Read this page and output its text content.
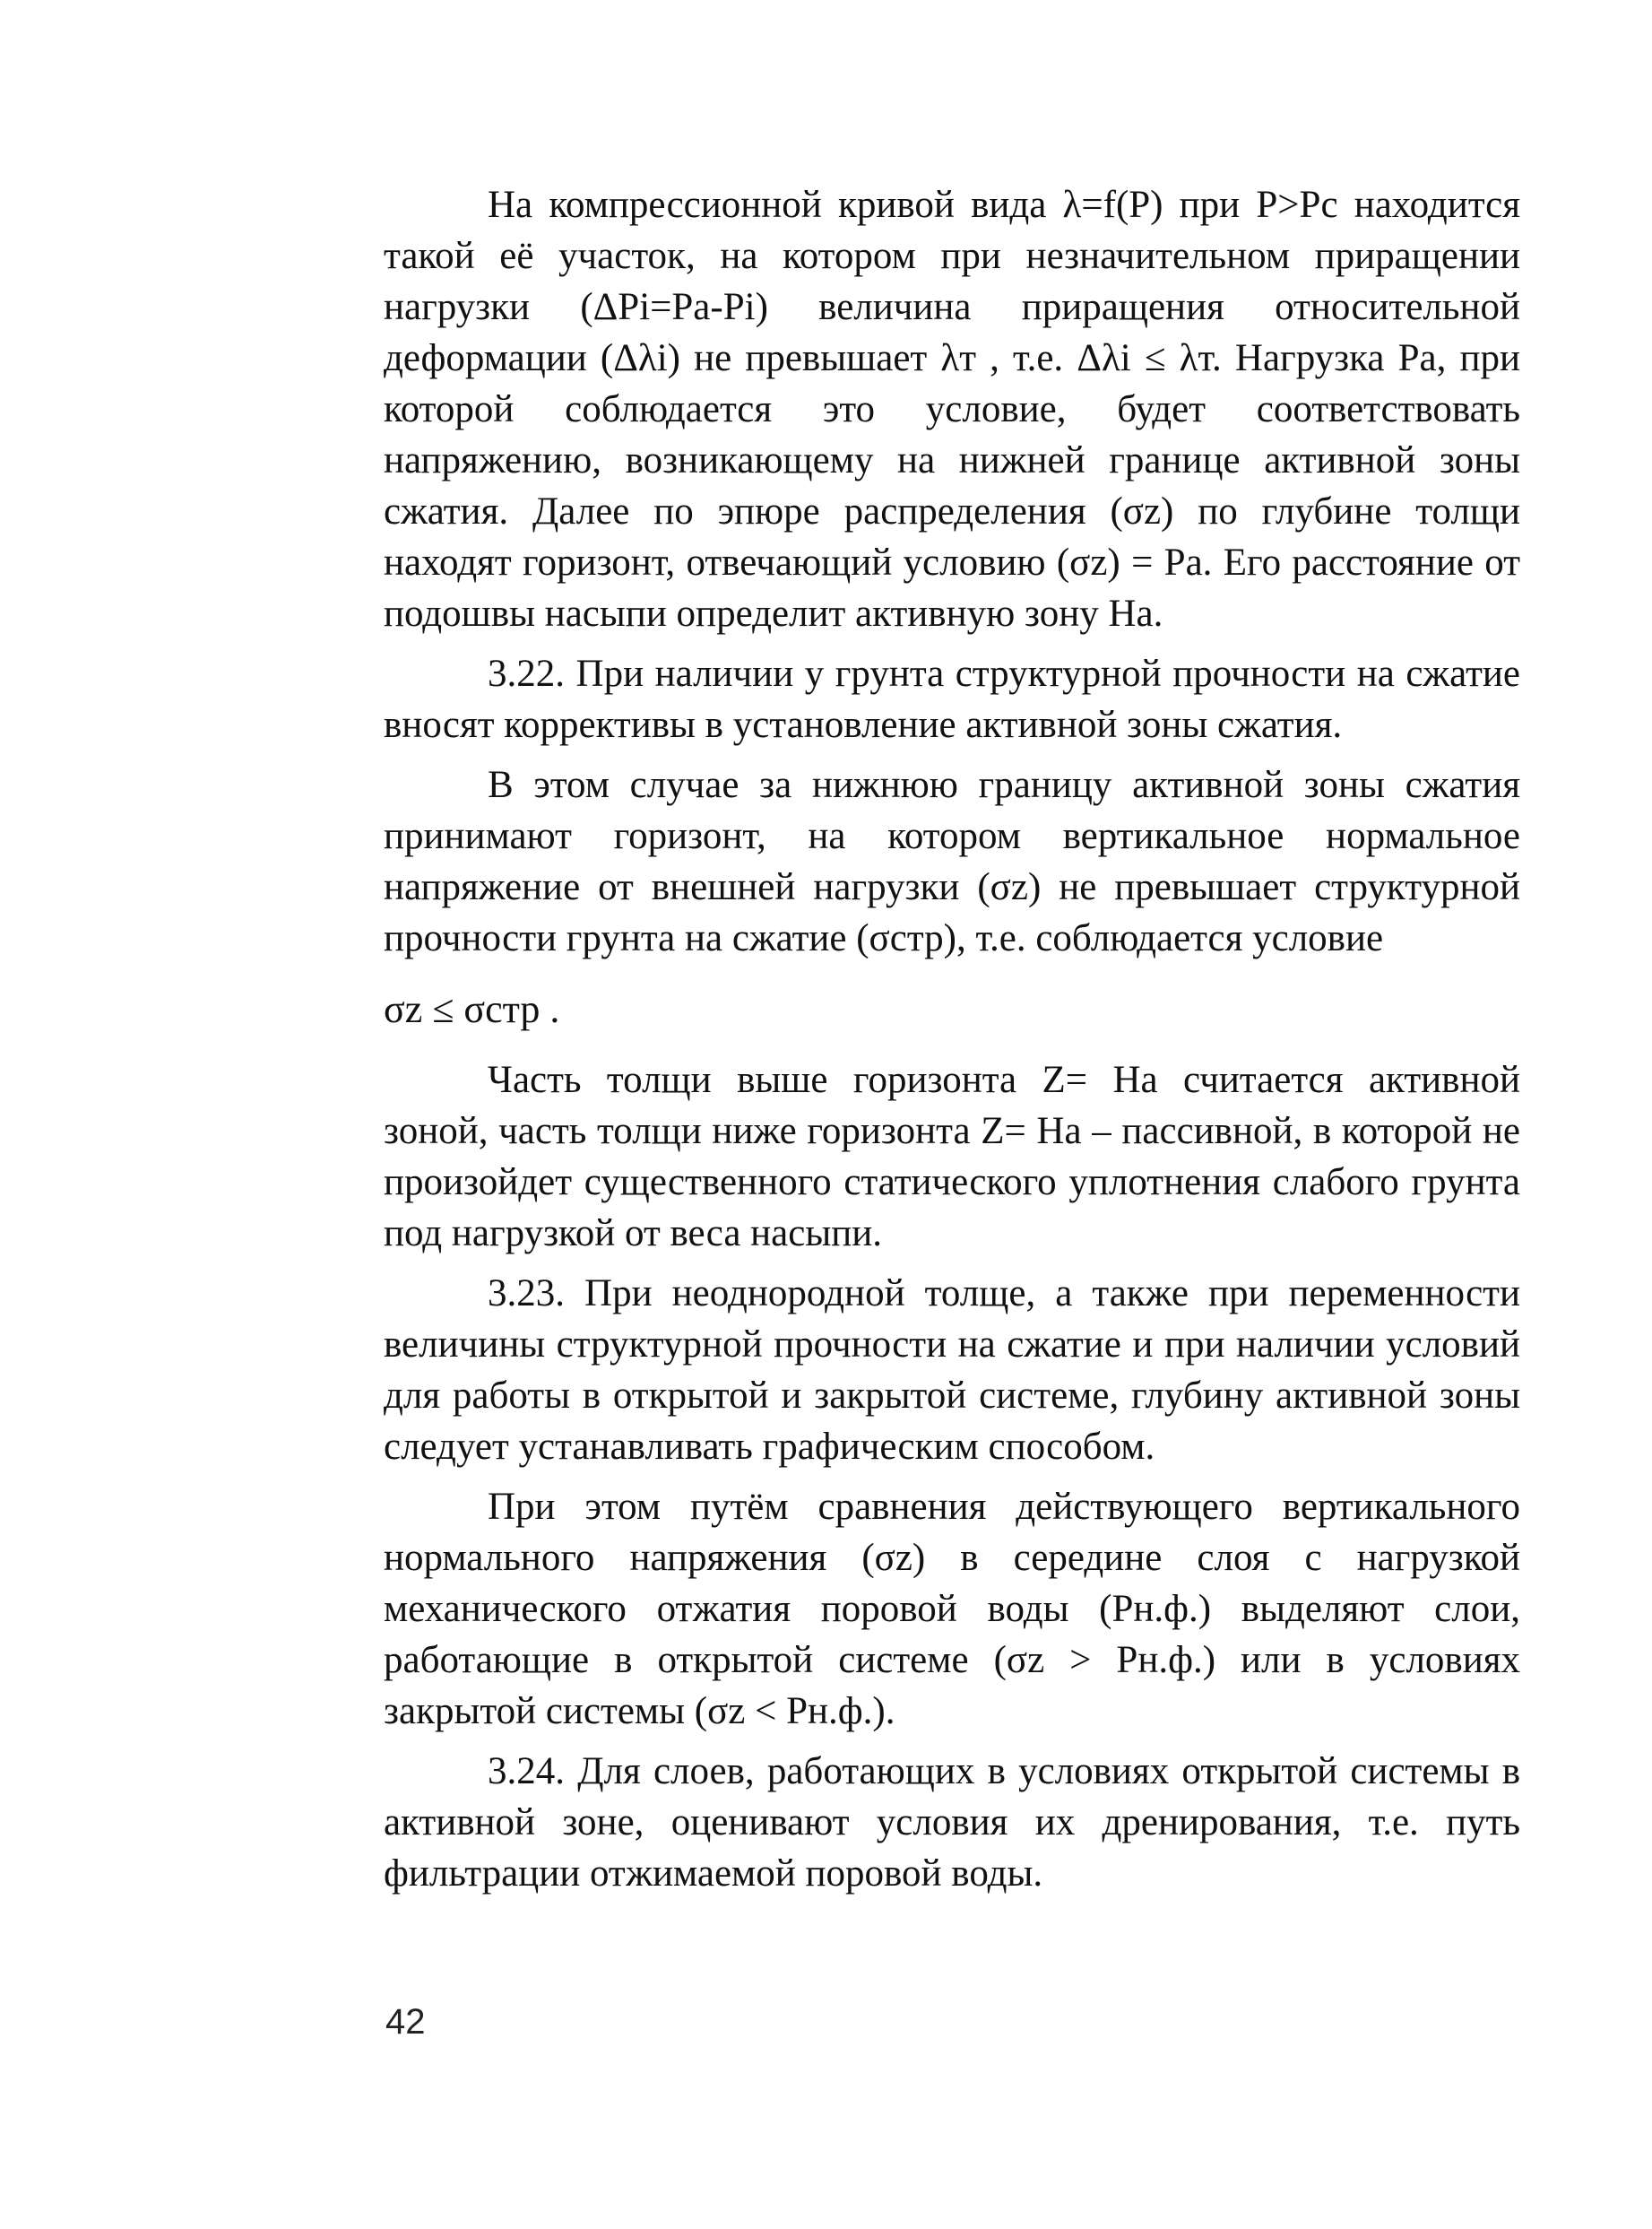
На компрессионной кривой вида λ=f(P) при P>Pс находится такой её участок, на котором при незначительном приращении нагрузки (ΔPi=Pa-Pi) величина приращения относительной деформации (Δλi) не превышает λт , т.е. Δλi ≤ λт. Нагрузка Pa, при которой соблюдается это условие, будет соответствовать напряжению, возникающему на нижней границе активной зоны сжатия. Далее по эпюре распределения (σz) по глубине толщи находят горизонт, отвечающий условию (σz) = Pa. Его расстояние от подошвы насыпи определит активную зону Ha.

3.22. При наличии у грунта структурной прочности на сжатие вносят коррективы в установление активной зоны сжатия.

В этом случае за нижнюю границу активной зоны сжатия принимают горизонт, на котором вертикальное нормальное напряжение от внешней нагрузки (σz) не превышает структурной прочности грунта на сжатие (σстр), т.е. соблюдается условие

σz ≤ σстр .

Часть толщи выше горизонта Z= Ha считается активной зоной, часть толщи ниже горизонта Z= Ha – пассивной, в которой не произойдет существенного статического уплотнения слабого грунта под нагрузкой от веса насыпи.

3.23. При неоднородной толще, а также при переменности величины структурной прочности на сжатие и при наличии условий для работы в открытой и закрытой системе, глубину активной зоны следует устанавливать графическим способом.

При этом путём сравнения действующего вертикального нормального напряжения (σz) в середине слоя с нагрузкой механического отжатия поровой воды (Pн.ф.) выделяют слои, работающие в открытой системе (σz > Pн.ф.) или в условиях закрытой системы (σz < Pн.ф.).

3.24. Для слоев, работающих в условиях открытой системы в активной зоне, оценивают условия их дренирования, т.е. путь фильтрации отжимаемой поровой воды.

42
